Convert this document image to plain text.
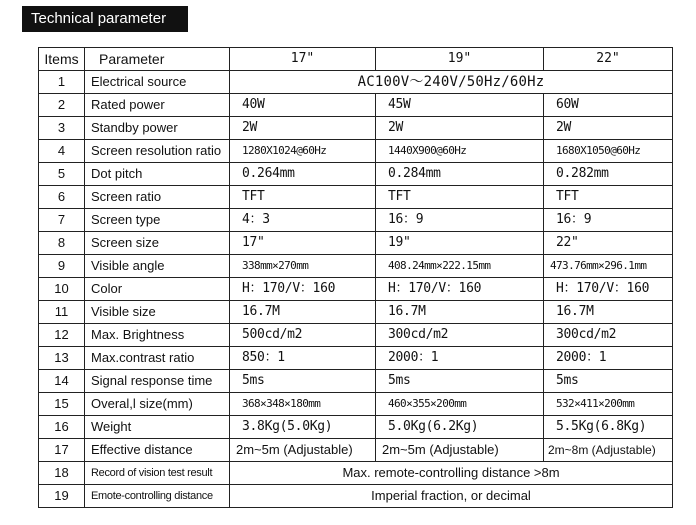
Technical parameter
Items	Parameter	17"	19"	22"
1	Electrical source	AC100V～240V/50Hz/60Hz		
2	Rated power	40W	45W	60W
3	Standby power	2W	2W	2W
4	Screen resolution ratio	1280X1024@60Hz	1440X900@60Hz	1680X1050@60Hz
5	Dot pitch	0.264mm	0.284mm	0.282mm
6	Screen ratio	TFT	TFT	TFT
7	Screen type	4：3	16：9	16：9
8	Screen size	17"	19"	22"
9	Visible angle	338mm×270mm	408.24mm×222.15mm	473.76mm×296.1mm
10	Color	H：170/V：160	H：170/V：160	H：170/V：160
11	Visible size	16.7M	16.7M	16.7M
12	Max. Brightness	500cd/m2	300cd/m2	300cd/m2
13	Max.contrast ratio	850：1	2000：1	2000：1
14	Signal response time	5ms	5ms	5ms
15	Overal,l size(mm)	368×348×180mm	460×355×200mm	532×411×200mm
16	Weight	3.8Kg(5.0Kg)	5.0Kg(6.2Kg)	5.5Kg(6.8Kg)
17	Effective distance	2m~5m (Adjustable)	2m~5m (Adjustable)	2m~8m (Adjustable)
18	Record of vision test result	Max. remote-controlling distance >8m		
19	Emote-controlling distance	Imperial fraction, or decimal		
